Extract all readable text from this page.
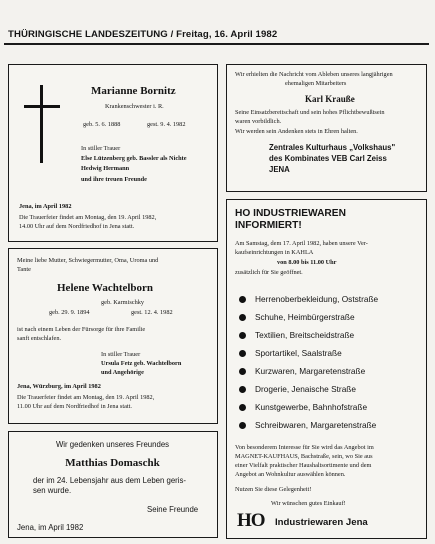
THÜRINGISCHE LANDESZEITUNG / Freitag, 16. April 1982
Marianne Bornitz
Krankenschwester i. R.
geb. 5. 6. 1888	gest. 9. 4. 1982
In stiller Trauer
Else Lützenberg geb. Bassler als Nichte
Hedwig Hermann
und ihre treuen Freunde
Jena, im April 1982
Die Trauerfeier findet am Montag, den 19. April 1982,
14.00 Uhr auf dem Nordfriedhof in Jena statt.
Meine liebe Mutter, Schwiegermutter, Oma, Uroma und
Tante
Helene Wachtelborn
geb. Karmischky
geb. 29. 9. 1894	gest. 12. 4. 1982
ist nach einem Leben der Fürsorge für ihre Familie
sanft entschlafen.
In stiller Trauer
Ursula Fetz geb. Wachtelborn
und Angehörige
Jena, Würzburg, im April 1982
Die Trauerfeier findet am Montag, den 19. April 1982,
11.00 Uhr auf dem Nordfriedhof in Jena statt.
Wir gedenken unseres Freundes
Matthias Domaschk
der im 24. Lebensjahr aus dem Leben geris-
sen wurde.
Seine Freunde
Jena, im April 1982
Wir erhielten die Nachricht vom Ableben unseres langjährigen
ehemaligen Mitarbeiters
Karl Krauße
Seine Einsatzbereitschaft und sein hohes Pflichtbewußtsein
waren vorbildlich.
Wir werden sein Andenken stets in Ehren halten.
Zentrales Kulturhaus „Volkshaus"
des Kombinates VEB Carl Zeiss
JENA
HO INDUSTRIEWAREN
INFORMIERT!
Am Samstag, dem 17. April 1982, haben unsere Ver-
kaufseinrichtungen in KAHLA
von 8.00 bis 11.00 Uhr
zusätzlich für Sie geöffnet.
Herrenoberbekleidung, Oststraße
Schuhe, Heimbürgerstraße
Textilien, Breitscheidstraße
Sportartikel, Saalstraße
Kurzwaren, Margaretenstraße
Drogerie, Jenaische Straße
Kunstgewerbe, Bahnhofstraße
Schreibwaren, Margaretenstraße
Von besonderem Interesse für Sie wird das Angebot im
MAGNET-KAUFHAUS, Bachstraße, sein, wo Sie aus
einer Vielfalt praktischer Haushaltsortimente und dem
Angebot an Wohnkultur auswählen können.
Nutzen Sie diese Gelegenheit!
Wir wünschen gutes Einkauf!
HO Industriewaren Jena
